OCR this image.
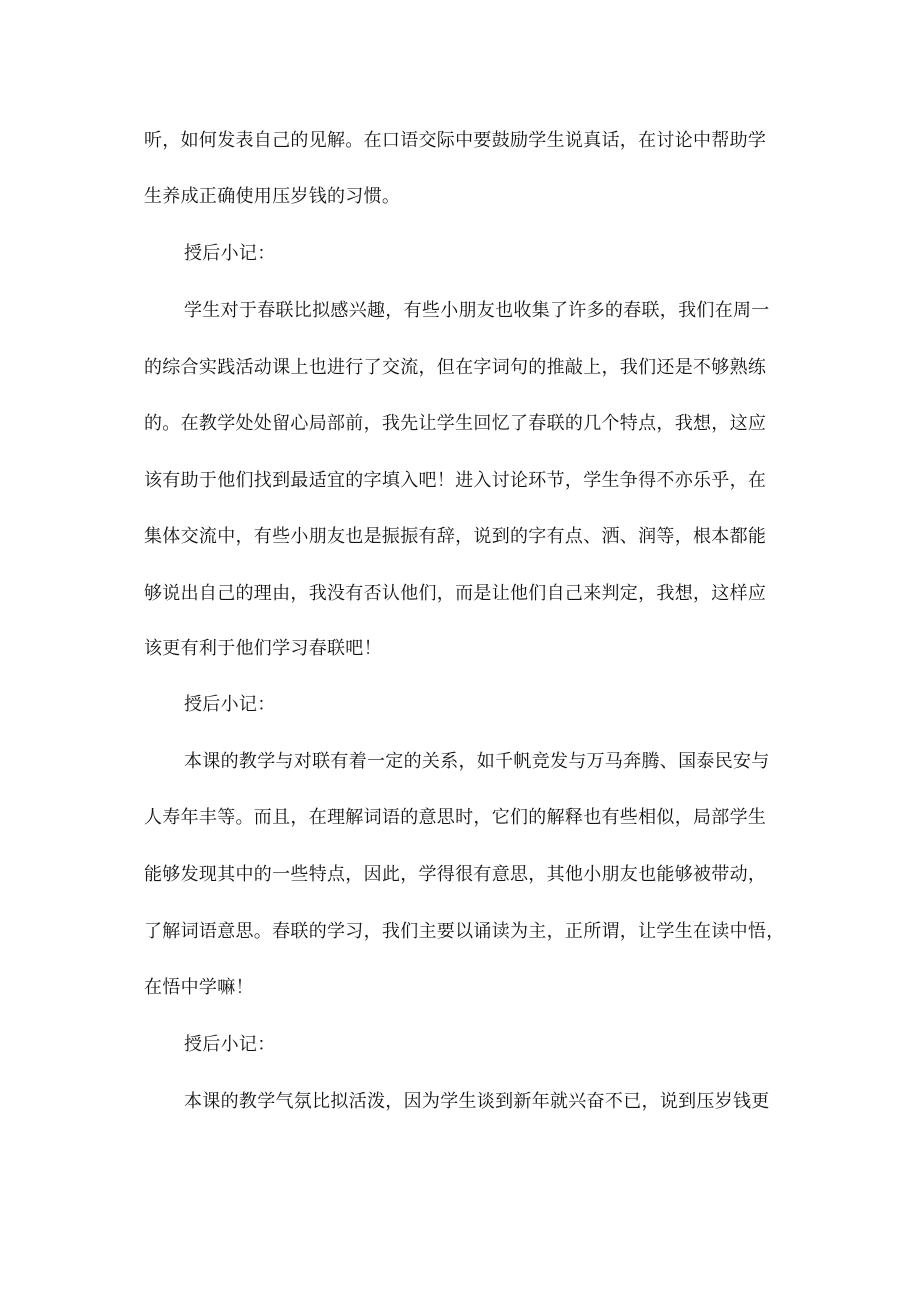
听，如何发表自己的见解。在口语交际中要鼓励学生说真话，在讨论中帮助学
生养成正确使用压岁钱的习惯。
授后小记：
学生对于春联比拟感兴趣，有些小朋友也收集了许多的春联，我们在周一
的综合实践活动课上也进行了交流，但在字词句的推敲上，我们还是不够熟练
的。在教学处处留心局部前，我先让学生回忆了春联的几个特点，我想，这应
该有助于他们找到最适宜的字填入吧！进入讨论环节，学生争得不亦乐乎，在
集体交流中，有些小朋友也是振振有辞，说到的字有点、洒、润等，根本都能
够说出自己的理由，我没有否认他们，而是让他们自己来判定，我想，这样应
该更有利于他们学习春联吧！
授后小记：
本课的教学与对联有着一定的关系，如千帆竞发与万马奔腾、国泰民安与
人寿年丰等。而且，在理解词语的意思时，它们的解释也有些相似，局部学生
能够发现其中的一些特点，因此，学得很有意思，其他小朋友也能够被带动，
了解词语意思。春联的学习，我们主要以诵读为主，正所谓，让学生在读中悟，
在悟中学嘛！
授后小记：
本课的教学气氛比拟活泼，因为学生谈到新年就兴奋不已，说到压岁钱更
